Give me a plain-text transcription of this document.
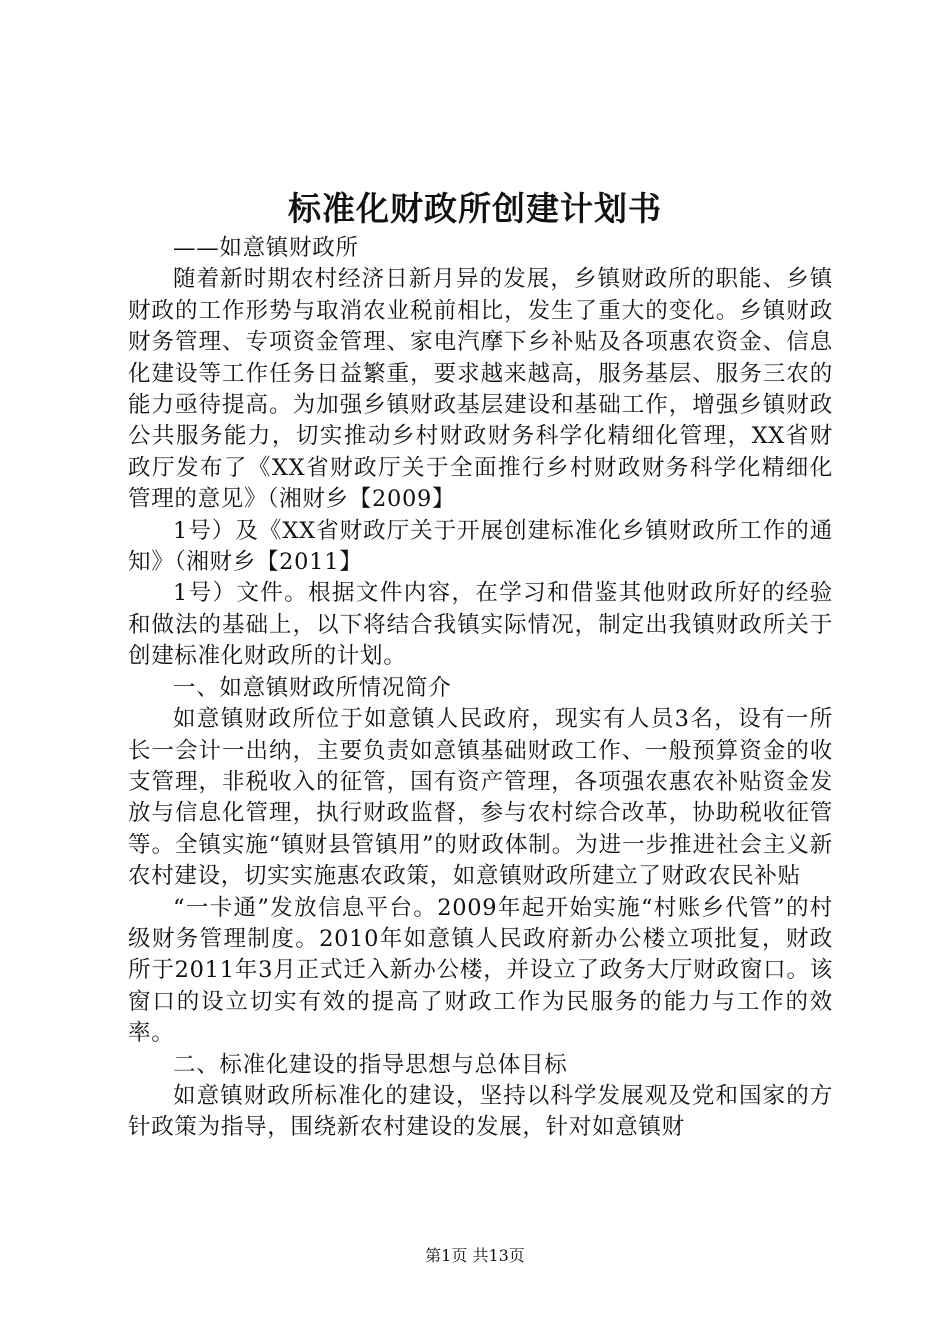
标准化财政所创建计划书

——如意镇财政所

随着新时期农村经济日新月异的发展，乡镇财政所的职能、乡镇财政的工作形势与取消农业税前相比，发生了重大的变化。乡镇财政财务管理、专项资金管理、家电汽摩下乡补贴及各项惠农资金、信息化建设等工作任务日益繁重，要求越来越高，服务基层、服务三农的能力亟待提高。为加强乡镇财政基层建设和基础工作，增强乡镇财政公共服务能力，切实推动乡村财政财务科学化精细化管理，XX省财政厅发布了《XX省财政厅关于全面推行乡村财政财务科学化精细化管理的意见》（湘财乡【2009】

1号）及《XX省财政厅关于开展创建标准化乡镇财政所工作的通知》（湘财乡【2011】

1号）文件。根据文件内容，在学习和借鉴其他财政所好的经验和做法的基础上，以下将结合我镇实际情况，制定出我镇财政所关于创建标准化财政所的计划。

一、如意镇财政所情况简介

如意镇财政所位于如意镇人民政府，现实有人员3名，设有一所长一会计一出纳，主要负责如意镇基础财政工作、一般预算资金的收支管理，非税收入的征管，国有资产管理，各项强农惠农补贴资金发放与信息化管理，执行财政监督，参与农村综合改革，协助税收征管等。全镇实施“镇财县管镇用”的财政体制。为进一步推进社会主义新农村建设，切实实施惠农政策，如意镇财政所建立了财政农民补贴

“一卡通”发放信息平台。2009年起开始实施“村账乡代管”的村级财务管理制度。2010年如意镇人民政府新办公楼立项批复，财政所于2011年3月正式迁入新办公楼，并设立了政务大厅财政窗口。该窗口的设立切实有效的提高了财政工作为民服务的能力与工作的效率。

二、标准化建设的指导思想与总体目标

如意镇财政所标准化的建设，坚持以科学发展观及党和国家的方针政策为指导，围绕新农村建设的发展，针对如意镇财

第1页 共13页
